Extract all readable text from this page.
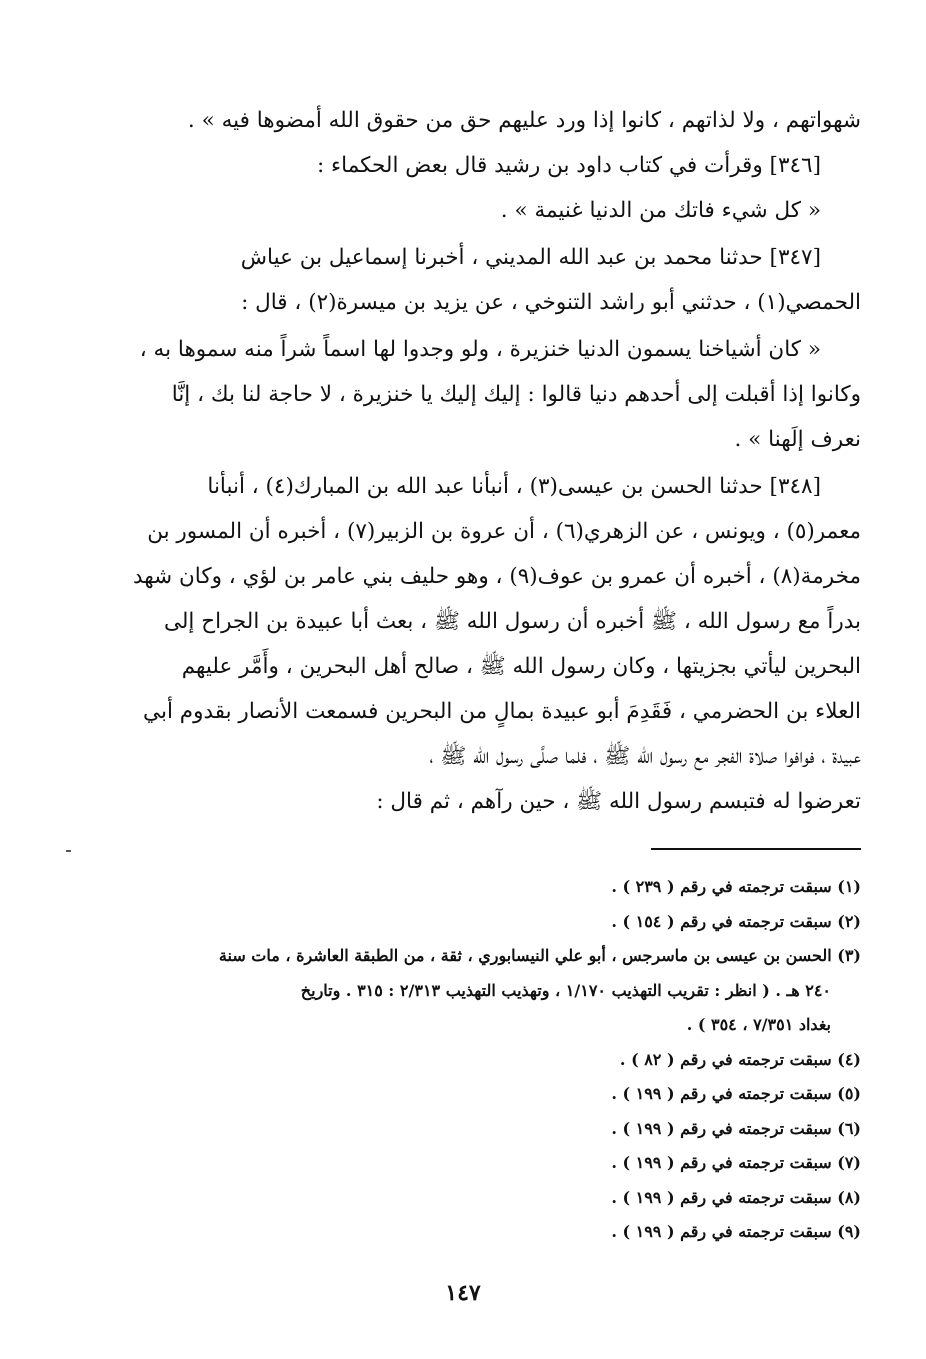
شهواتهم ، ولا لذاتهم ، كانوا إذا ورد عليهم حق من حقوق الله أمضوها فيه » .

[٣٤٦] وقرأت في كتاب داود بن رشيد قال بعض الحكماء :

« كل شيء فاتك من الدنيا غنيمة » .

[٣٤٧] حدثنا محمد بن عبد الله المديني ، أخبرنا إسماعيل بن عياش

الحمصي(١) ، حدثني أبو راشد التنوخي ، عن يزيد بن ميسرة(٢) ، قال :

« كان أشياخنا يسمون الدنيا خنزيرة ، ولو وجدوا لها اسماً شراً منه سموها به ،

وكانوا إذا أقبلت إلى أحدهم دنيا قالوا : إليك إليك يا خنزيرة ، لا حاجة لنا بك ، إنَّا

نعرف إلَهنا » .

[٣٤٨] حدثنا الحسن بن عيسى(٣) ، أنبأنا عبد الله بن المبارك(٤) ، أنبأنا

معمر(٥) ، ويونس ، عن الزهري(٦) ، أن عروة بن الزبير(٧) ، أخبره أن المسور بن

مخرمة(٨) ، أخبره أن عمرو بن عوف(٩) ، وهو حليف بني عامر بن لؤي ، وكان شهد

بدراً مع رسول الله ، ﷺ أخبره أن رسول الله ﷺ ، بعث أبا عبيدة بن الجراح إلى

البحرين ليأتي بجزيتها ، وكان رسول الله ﷺ ، صالح أهل البحرين ، وأَمَّر عليهم

العلاء بن الحضرمي ، فَقَدِمَ أبو عبيدة بمالٍ من البحرين فسمعت الأنصار بقدوم أبي

عبيدة ، فوافوا صلاة الفجر مع رسول الله ﷺ ، فلما صلَّى رسول الله ﷺ ،

تعرضوا له فتبسم رسول الله ﷺ ، حين رآهم ، ثم قال :

(١) سبقت ترجمته في رقم ( ٢٣٩ ) .

(٢) سبقت ترجمته في رقم ( ١٥٤ ) .

(٣) الحسن بن عيسى بن ماسرجس ، أبو علي النيسابوري ، ثقة ، من الطبقة العاشرة ، مات سنة

٢٤٠ هـ . ( انظر : تقريب التهذيب ١/١٧٠ ، وتهذيب التهذيب ٢/٣١٣ : ٣١٥ . وتاريخ

بغداد ٧/٣٥١ ، ٣٥٤ ) .

(٤) سبقت ترجمته في رقم ( ٨٢ ) .

(٥) سبقت ترجمته في رقم ( ١٩٩ ) .

(٦) سبقت ترجمته في رقم ( ١٩٩ ) .

(٧) سبقت ترجمته في رقم ( ١٩٩ ) .

(٨) سبقت ترجمته في رقم ( ١٩٩ ) .

(٩) سبقت ترجمته في رقم ( ١٩٩ ) .

١٤٧
